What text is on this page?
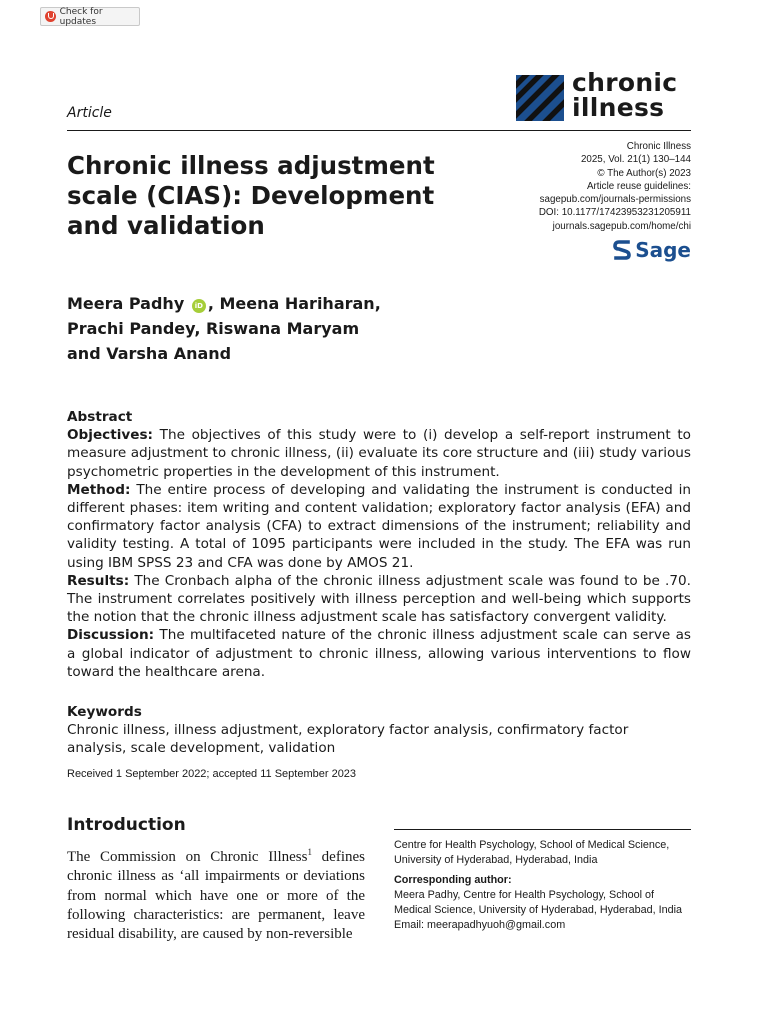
Check for updates
chronic
illness
Article
Chronic illness adjustment scale (CIAS): Development and validation
Chronic Illness
2025, Vol. 21(1) 130–144
© The Author(s) 2023
Article reuse guidelines:
sagepub.com/journals-permissions
DOI: 10.1177/17423953231205911
journals.sagepub.com/home/chi
Sage
Meera Padhy iD , Meena Hariharan,
Prachi Pandey, Riswana Maryam
and Varsha Anand

Abstract

Objectives: The objectives of this study were to (i) develop a self-report instrument to measure adjustment to chronic illness, (ii) evaluate its core structure and (iii) study various psychometric properties in the development of this instrument.

Method: The entire process of developing and validating the instrument is conducted in different phases: item writing and content validation; exploratory factor analysis (EFA) and confirmatory factor analysis (CFA) to extract dimensions of the instrument; reliability and validity testing. A total of 1095 participants were included in the study. The EFA was run using IBM SPSS 23 and CFA was done by AMOS 21.

Results: The Cronbach alpha of the chronic illness adjustment scale was found to be .70. The instrument correlates positively with illness perception and well-being which supports the notion that the chronic illness adjustment scale has satisfactory convergent validity.

Discussion: The multifaceted nature of the chronic illness adjustment scale can serve as a global indicator of adjustment to chronic illness, allowing various interventions to flow toward the healthcare arena.

Keywords
Chronic illness, illness adjustment, exploratory factor analysis, confirmatory factor analysis, scale development, validation
Received 1 September 2022; accepted 11 September 2023
Introduction
The Commission on Chronic Illness$^1$ defines chronic illness as ‘all impairments or deviations from normal which have one or more of the following characteristics: are permanent, leave residual disability, are caused by non-reversible
Centre for Health Psychology, School of Medical Science, University of Hyderabad, Hyderabad, India
Corresponding author:
Meera Padhy, Centre for Health Psychology, School of Medical Science, University of Hyderabad, Hyderabad, India
Email: meerapadhyuoh@gmail.com
